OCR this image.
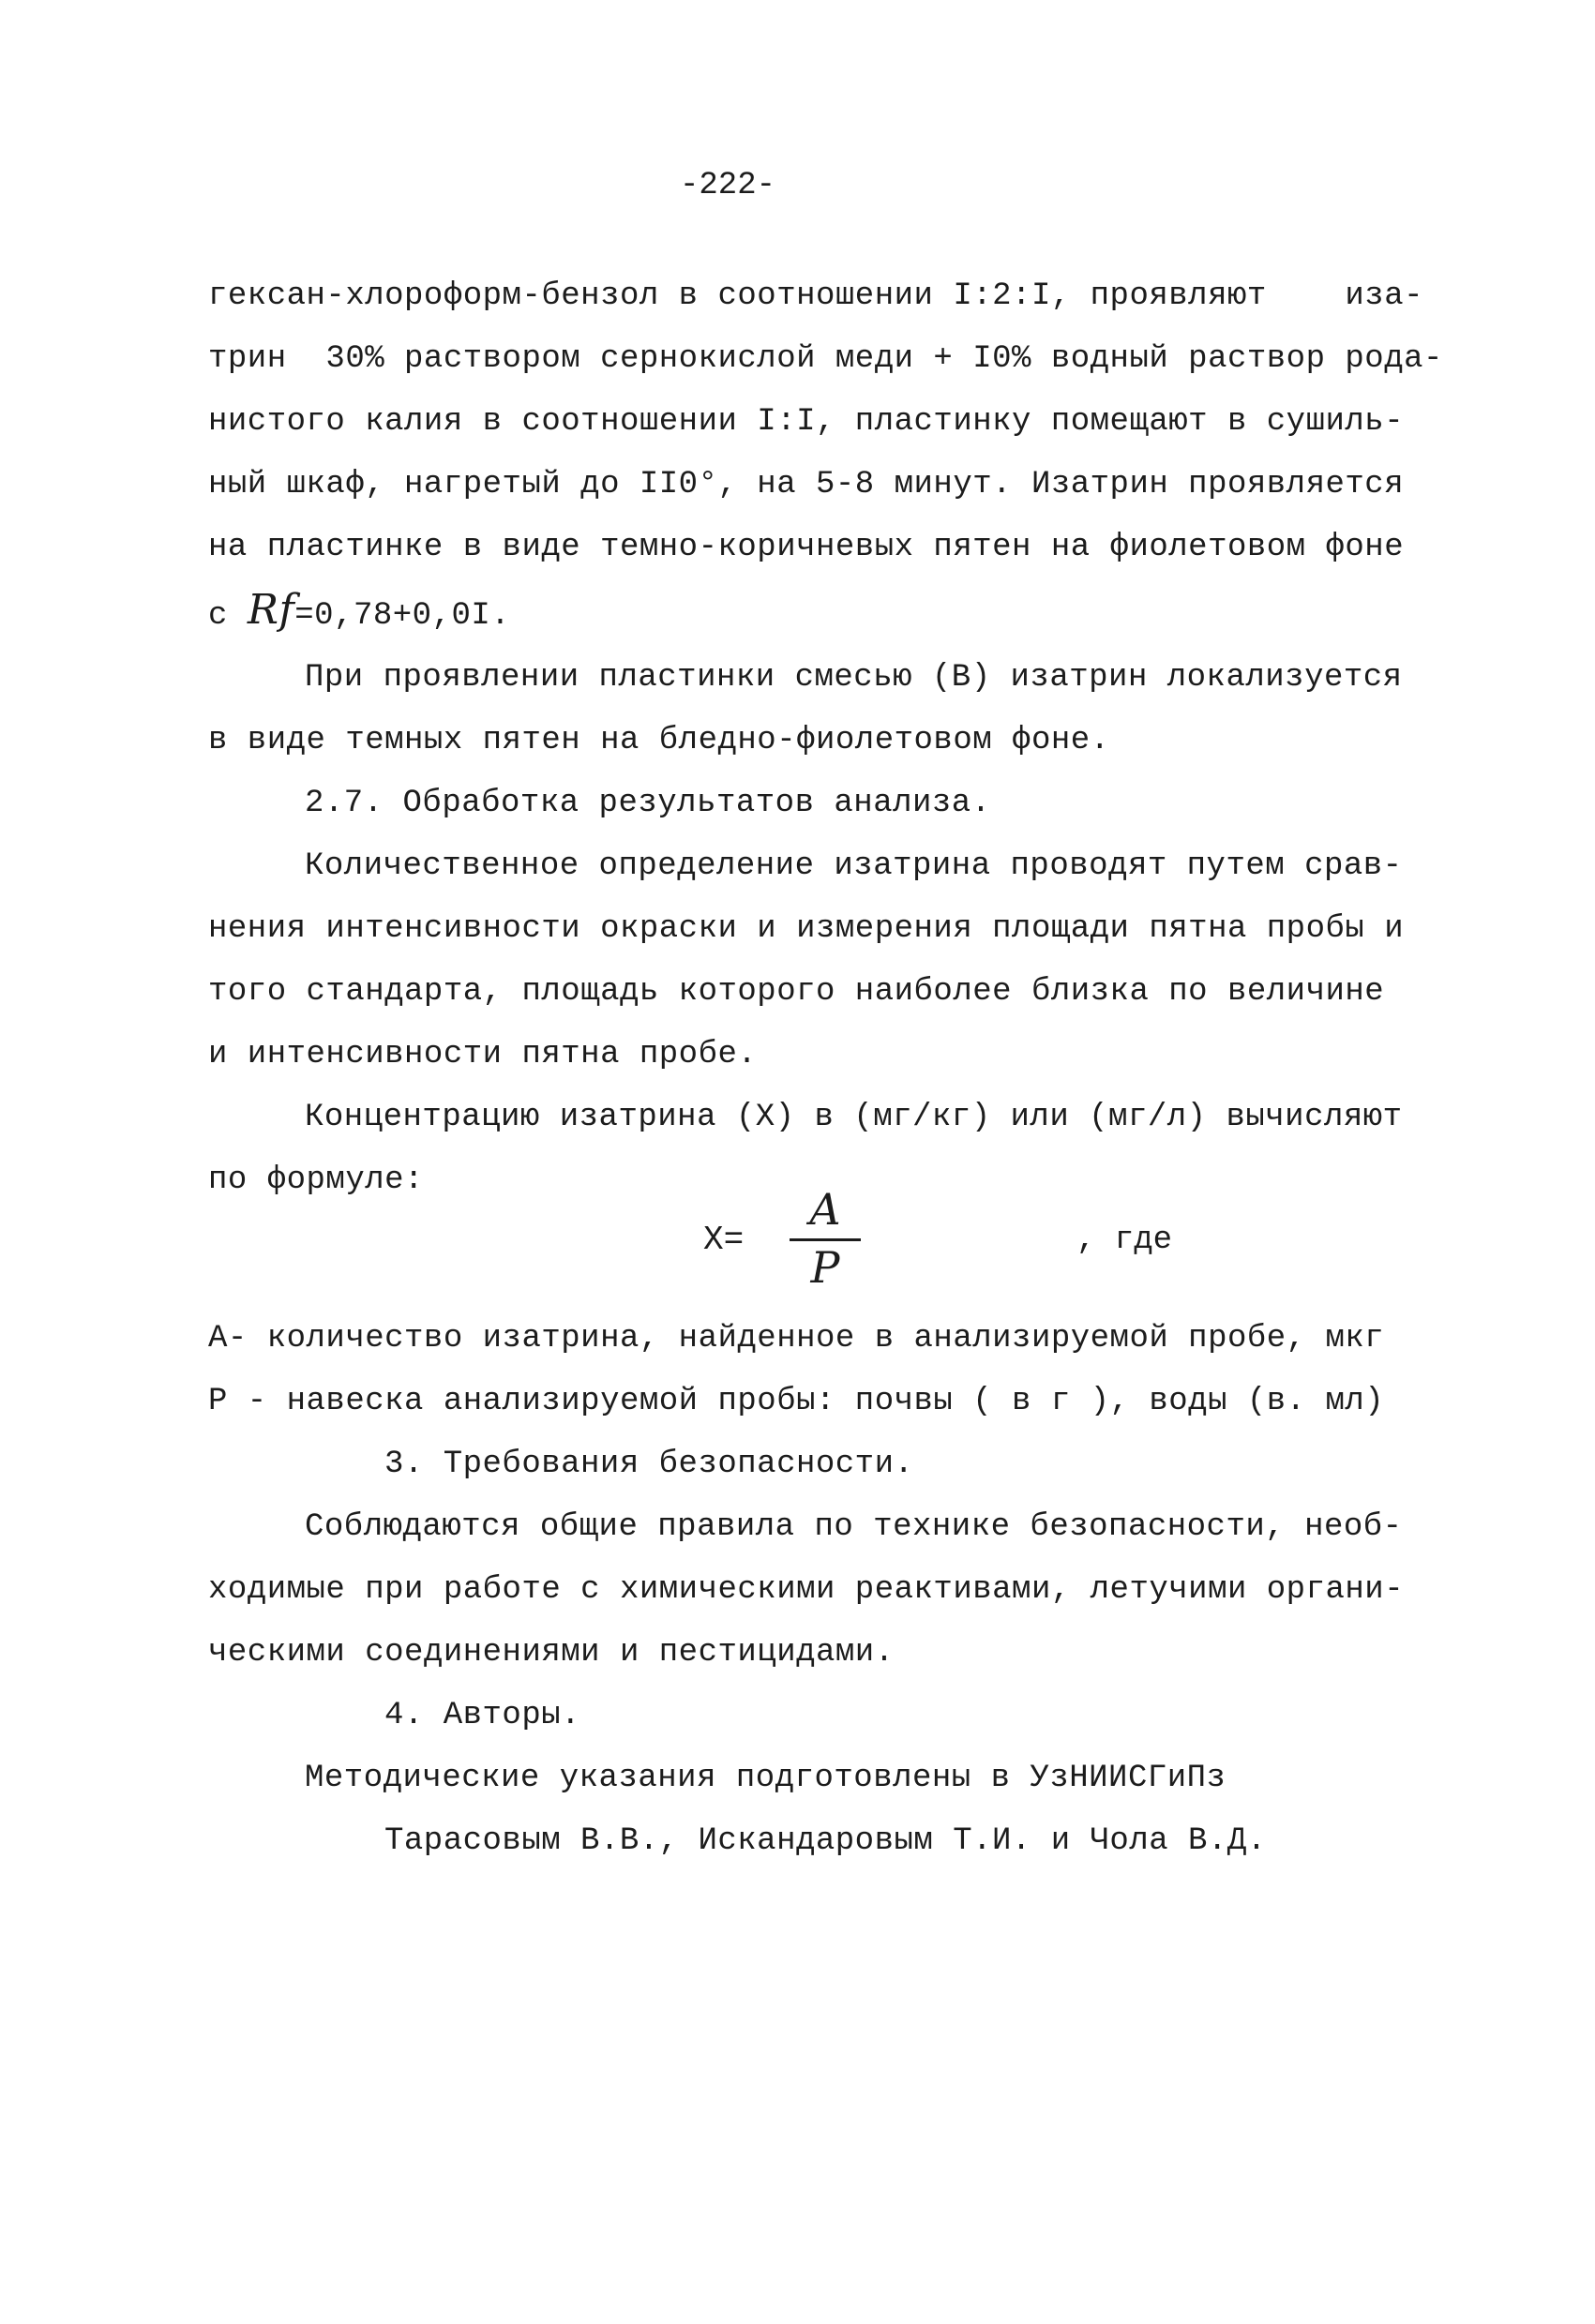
-222-
гексан-хлороформ-бензол в соотношении I:2:I, проявляют    иза-
трин  30% раствором сернокислой меди + I0% водный раствор рода-
нистого калия в соотношении I:I, пластинку помещают в сушиль-
ный шкаф, нагретый до II0°, на 5-8 минут. Изатрин проявляется
на пластинке в виде темно-коричневых пятен на фиолетовом фоне
с Rf=0,78+0,0I.
При проявлении пластинки смесью (В) изатрин локализуется
в виде темных пятен на бледно-фиолетовом фоне.
2.7. Обработка результатов анализа.
Количественное определение изатрина проводят путем срав-
нения интенсивности окраски и измерения площади пятна пробы и
того стандарта, площадь которого наиболее близка по величине
и интенсивности пятна пробе.
Концентрацию изатрина (X) в (мг/кг) или (мг/л) вычисляют
по формуле:
X=
A
P
, где
А- количество изатрина, найденное в анализируемой пробе, мкг
Р - навеска анализируемой пробы: почвы ( в г ), воды (в. мл)
3. Требования безопасности.
Соблюдаются общие правила по технике безопасности, необ-
ходимые при работе с химическими реактивами, летучими органи-
ческими соединениями и пестицидами.
4. Авторы.
Методические указания подготовлены в УзНИИСГиПз
Тарасовым В.В., Искандаровым Т.И. и Чола В.Д.
